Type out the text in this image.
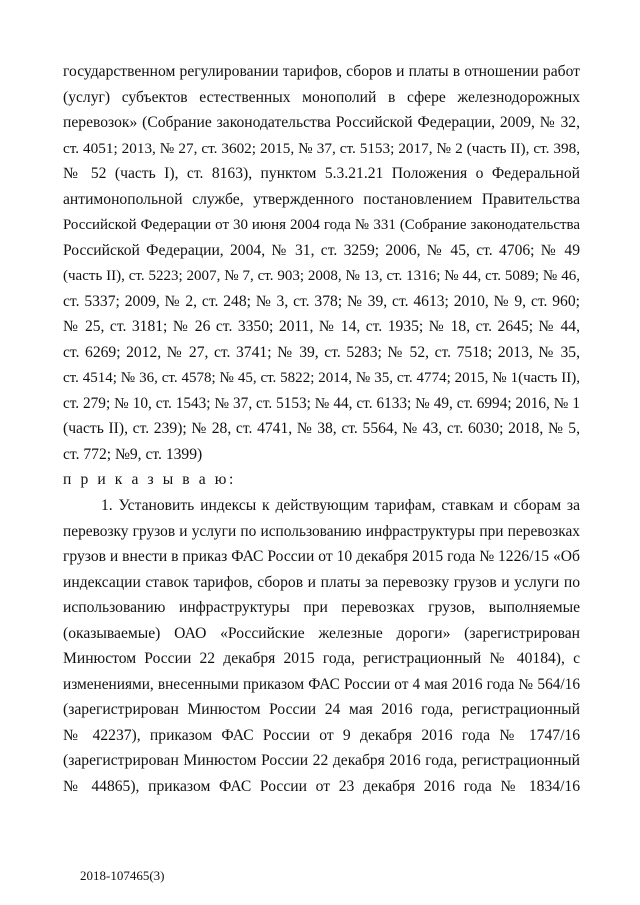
государственном регулировании тарифов, сборов и платы в отношении работ
(услуг) субъектов естественных монополий в сфере железнодорожных
перевозок» (Собрание законодательства Российской Федерации, 2009, № 32,
ст. 4051; 2013, № 27, ст. 3602; 2015, № 37, ст. 5153; 2017, № 2 (часть II), ст. 398,
№ 52 (часть I), ст. 8163), пунктом 5.3.21.21 Положения о Федеральной
антимонопольной службе, утвержденного постановлением Правительства
Российской Федерации от 30 июня 2004 года № 331 (Собрание законодательства
Российской Федерации, 2004, № 31, ст. 3259; 2006, № 45, ст. 4706; № 49
(часть II), ст. 5223; 2007, № 7, ст. 903; 2008, № 13, ст. 1316; № 44, ст. 5089; № 46,
ст. 5337; 2009, № 2, ст. 248; № 3, ст. 378; № 39, ст. 4613; 2010, № 9, ст. 960;
№ 25, ст. 3181; № 26 ст. 3350; 2011, № 14, ст. 1935; № 18, ст. 2645; № 44,
ст. 6269; 2012, № 27, ст. 3741; № 39, ст. 5283; № 52, ст. 7518; 2013, № 35,
ст. 4514; № 36, ст. 4578; № 45, ст. 5822; 2014, № 35, ст. 4774; 2015, № 1(часть II),
ст. 279; № 10, ст. 1543; № 37, ст. 5153; № 44, ст. 6133; № 49, ст. 6994; 2016, № 1
(часть II), ст. 239); № 28, ст. 4741, № 38, ст. 5564, № 43, ст. 6030; 2018, № 5,
ст. 772; №9, ст. 1399)
п р и к а з ы в а ю:
1. Установить индексы к действующим тарифам, ставкам и сборам за
перевозку грузов и услуги по использованию инфраструктуры при перевозках
грузов и внести в приказ ФАС России от 10 декабря 2015 года № 1226/15 «Об
индексации ставок тарифов, сборов и платы за перевозку грузов и услуги по
использованию инфраструктуры при перевозках грузов, выполняемые
(оказываемые) ОАО «Российские железные дороги» (зарегистрирован
Минюстом России 22 декабря 2015 года, регистрационный № 40184), с
изменениями, внесенными приказом ФАС России от 4 мая 2016 года № 564/16
(зарегистрирован Минюстом России 24 мая 2016 года, регистрационный
№ 42237), приказом ФАС России от 9 декабря 2016 года № 1747/16
(зарегистрирован Минюстом России 22 декабря 2016 года, регистрационный
№ 44865), приказом ФАС России от 23 декабря 2016 года № 1834/16
2018-107465(3)
